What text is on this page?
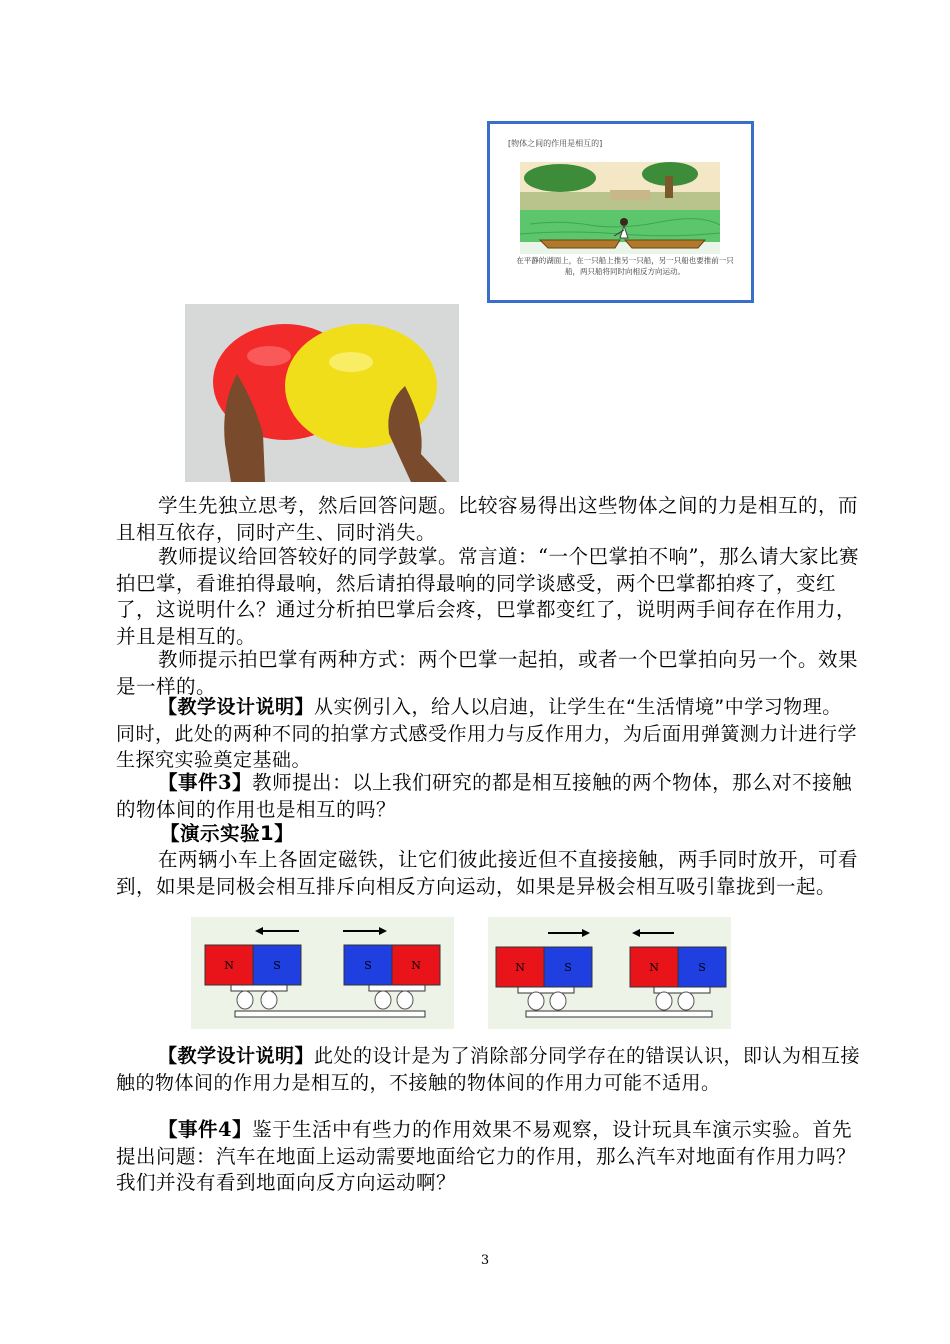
[物体之间的作用是相互的]
在平静的湖面上，在一只船上推另一只船，另一只船也要推前一只船，两只船将同时向相反方向运动。
学生先独立思考，然后回答问题。比较容易得出这些物体之间的力是相互的，而且相互依存，同时产生、同时消失。
教师提议给回答较好的同学鼓掌。常言道：“一个巴掌拍不响”，那么请大家比赛拍巴掌，看谁拍得最响，然后请拍得最响的同学谈感受，两个巴掌都拍疼了，变红了，这说明什么？通过分析拍巴掌后会疼，巴掌都变红了，说明两手间存在作用力，并且是相互的。
教师提示拍巴掌有两种方式：两个巴掌一起拍，或者一个巴掌拍向另一个。效果是一样的。
【教学设计说明】从实例引入，给人以启迪，让学生在“生活情境”中学习物理。同时，此处的两种不同的拍掌方式感受作用力与反作用力，为后面用弹簧测力计进行学生探究实验奠定基础。
【事件3】教师提出：以上我们研究的都是相互接触的两个物体，那么对不接触的物体间的作用也是相互的吗？
【演示实验1】
在两辆小车上各固定磁铁，让它们彼此接近但不直接接触，两手同时放开，可看到，如果是同极会相互排斥向相反方向运动，如果是异极会相互吸引靠拢到一起。
N	S	S	N	N	S	N	S
【教学设计说明】此处的设计是为了消除部分同学存在的错误认识，即认为相互接触的物体间的作用力是相互的，不接触的物体间的作用力可能不适用。
【事件4】鉴于生活中有些力的作用效果不易观察，设计玩具车演示实验。首先提出问题：汽车在地面上运动需要地面给它力的作用，那么汽车对地面有作用力吗？我们并没有看到地面向反方向运动啊？
3
